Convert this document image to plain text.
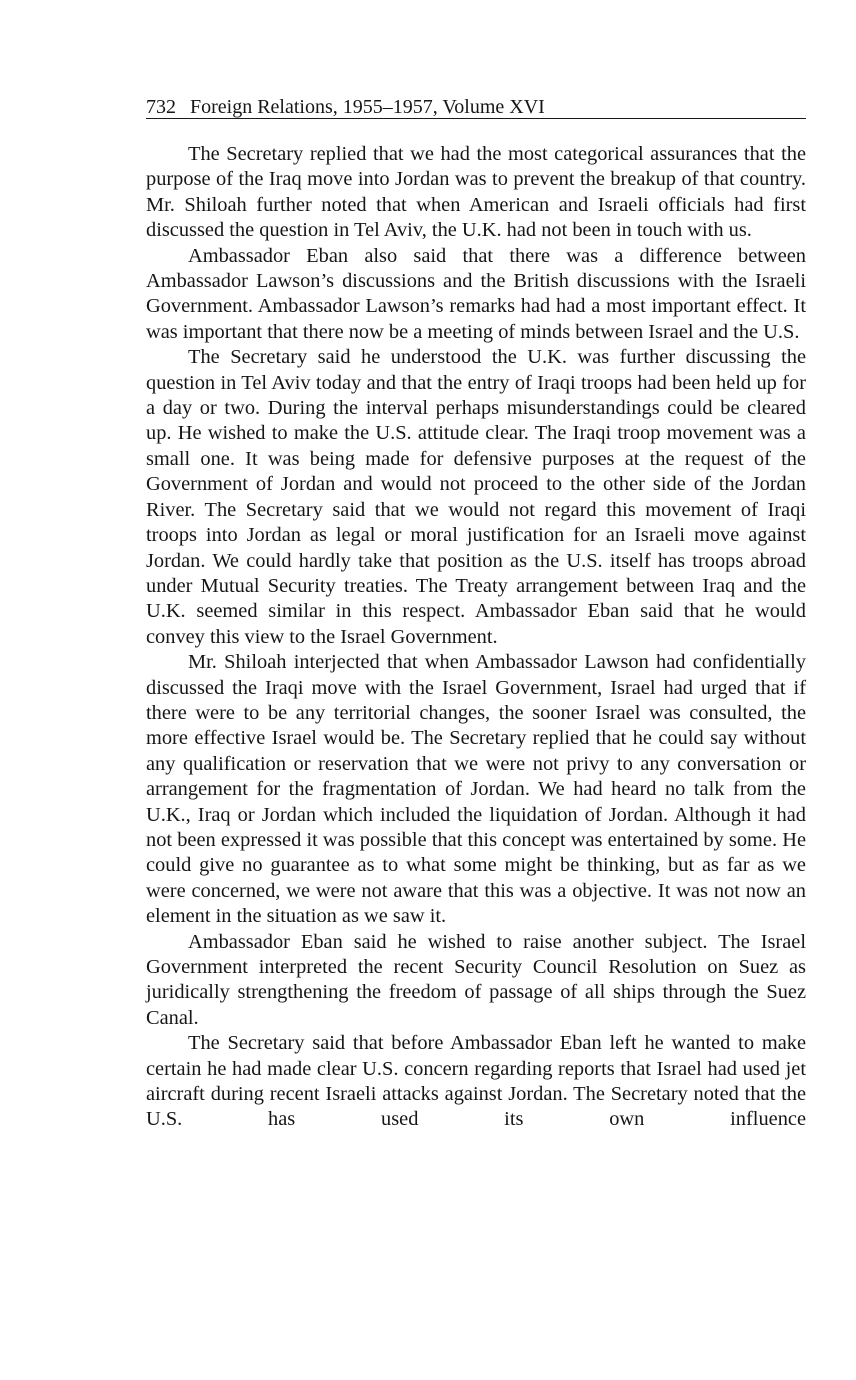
732 Foreign Relations, 1955–1957, Volume XVI

The Secretary replied that we had the most categorical assurances that the purpose of the Iraq move into Jordan was to prevent the breakup of that country. Mr. Shiloah further noted that when American and Israeli officials had first discussed the question in Tel Aviv, the U.K. had not been in touch with us.

Ambassador Eban also said that there was a difference between Ambassador Lawson’s discussions and the British discussions with the Israeli Government. Ambassador Lawson’s remarks had had a most important effect. It was important that there now be a meeting of minds between Israel and the U.S.

The Secretary said he understood the U.K. was further discussing the question in Tel Aviv today and that the entry of Iraqi troops had been held up for a day or two. During the interval perhaps misunderstandings could be cleared up. He wished to make the U.S. attitude clear. The Iraqi troop movement was a small one. It was being made for defensive purposes at the request of the Government of Jordan and would not proceed to the other side of the Jordan River. The Secretary said that we would not regard this movement of Iraqi troops into Jordan as legal or moral justification for an Israeli move against Jordan. We could hardly take that position as the U.S. itself has troops abroad under Mutual Security treaties. The Treaty arrangement between Iraq and the U.K. seemed similar in this respect. Ambassador Eban said that he would convey this view to the Israel Government.

Mr. Shiloah interjected that when Ambassador Lawson had confidentially discussed the Iraqi move with the Israel Government, Israel had urged that if there were to be any territorial changes, the sooner Israel was consulted, the more effective Israel would be. The Secretary replied that he could say without any qualification or reservation that we were not privy to any conversation or arrangement for the fragmentation of Jordan. We had heard no talk from the U.K., Iraq or Jordan which included the liquidation of Jordan. Although it had not been expressed it was possible that this concept was entertained by some. He could give no guarantee as to what some might be thinking, but as far as we were concerned, we were not aware that this was a objective. It was not now an element in the situation as we saw it.

Ambassador Eban said he wished to raise another subject. The Israel Government interpreted the recent Security Council Resolution on Suez as juridically strengthening the freedom of passage of all ships through the Suez Canal.

The Secretary said that before Ambassador Eban left he wanted to make certain he had made clear U.S. concern regarding reports that Israel had used jet aircraft during recent Israeli attacks against Jordan. The Secretary noted that the U.S. has used its own influence
